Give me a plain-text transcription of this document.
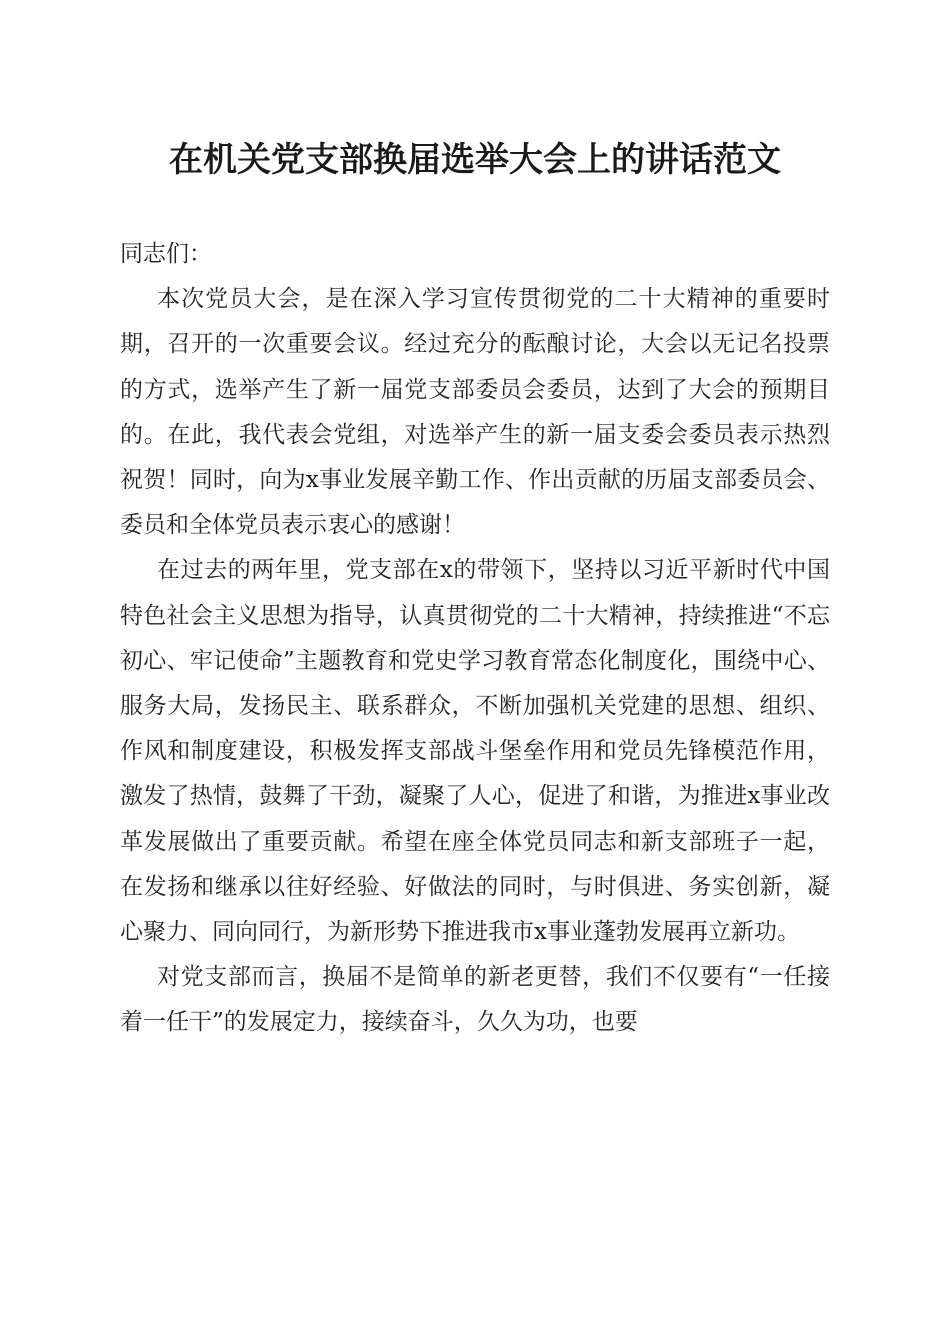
在机关党支部换届选举大会上的讲话范文

同志们：

本次党员大会，是在深入学习宣传贯彻党的二十大精神的重要时期，召开的一次重要会议。经过充分的酝酿讨论，大会以无记名投票的方式，选举产生了新一届党支部委员会委员，达到了大会的预期目的。在此，我代表会党组，对选举产生的新一届支委会委员表示热烈祝贺！同时，向为x事业发展辛勤工作、作出贡献的历届支部委员会、委员和全体党员表示衷心的感谢！

在过去的两年里，党支部在x的带领下，坚持以习近平新时代中国特色社会主义思想为指导，认真贯彻党的二十大精神，持续推进“不忘初心、牢记使命”主题教育和党史学习教育常态化制度化，围绕中心、服务大局，发扬民主、联系群众，不断加强机关党建的思想、组织、作风和制度建设，积极发挥支部战斗堡垒作用和党员先锋模范作用，激发了热情，鼓舞了干劲，凝聚了人心，促进了和谐，为推进x事业改革发展做出了重要贡献。希望在座全体党员同志和新支部班子一起，在发扬和继承以往好经验、好做法的同时，与时俱进、务实创新，凝心聚力、同向同行，为新形势下推进我市x事业蓬勃发展再立新功。

对党支部而言，换届不是简单的新老更替，我们不仅要有“一任接着一任干”的发展定力，接续奋斗，久久为功，也要
